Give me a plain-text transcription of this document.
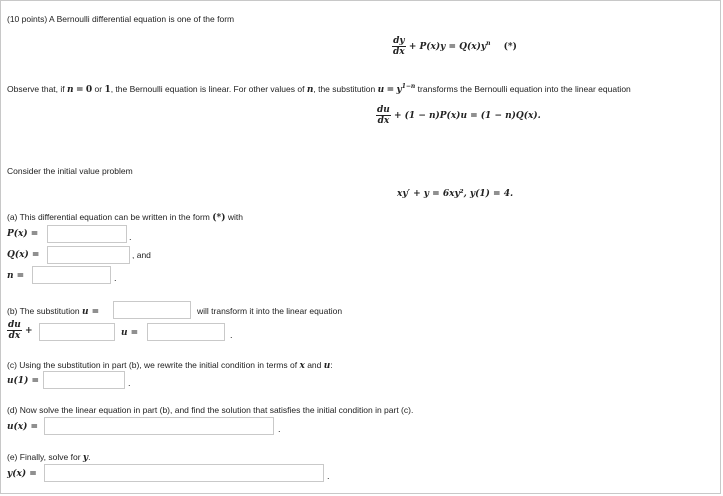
(10 points) A Bernoulli differential equation is one of the form
$\frac{dy}{dx} + P(x)y = Q(x)y^n$ (*)
Observe that, if n = 0 or 1, the Bernoulli equation is linear. For other values of n, the substitution $u = y^{1-n}$ transforms the Bernoulli equation into the linear equation
$\frac{du}{dx} + (1 - n)P(x)u = (1 - n)Q(x)$.
Consider the initial value problem
xy′ + y = 6xy², y(1) = 4.
(a) This differential equation can be written in the form (*) with
P(x) =	.
Q(x) =	, and
n =	.
(b) The substitution u =	will transform it into the linear equation
$\frac{du}{dx}$ +	u =	.
(c) Using the substitution in part (b), we rewrite the initial condition in terms of x and u:
u(1) =	.
(d) Now solve the linear equation in part (b), and find the solution that satisfies the initial condition in part (c).
u(x) =	.
(e) Finally, solve for y.
y(x) =	.
